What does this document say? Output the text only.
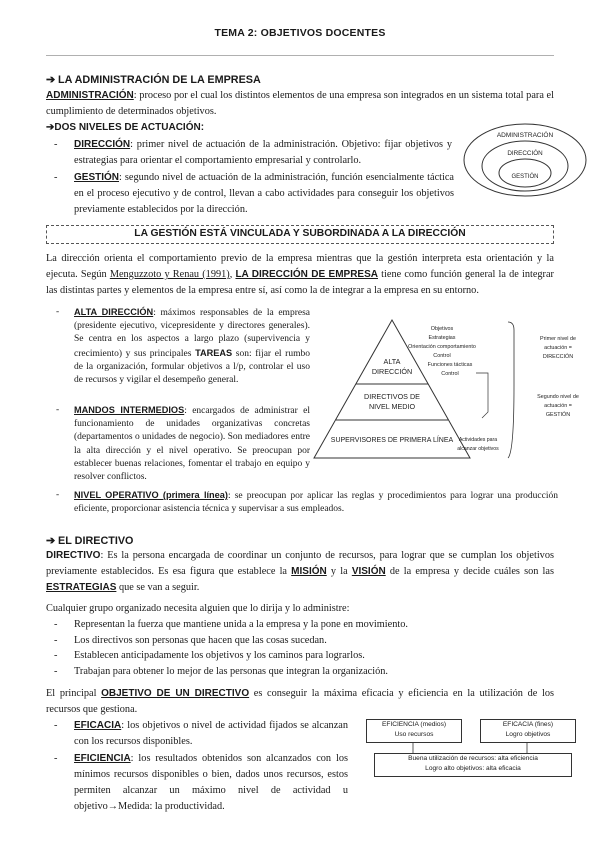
TEMA 2: OBJETIVOS DOCENTES
➔ LA ADMINISTRACIÓN DE LA EMPRESA
ADMINISTRACIÓN: proceso por el cual los distintos elementos de una empresa son integrados en un sistema total para el cumplimiento de determinados objetivos.
➔DOS NIVELES DE ACTUACIÓN:
- DIRECCIÓN: primer nivel de actuación de la administración. Objetivo: fijar objetivos y estrategias para orientar el comportamiento empresarial y controlarlo.
- GESTIÓN: segundo nivel de actuación de la administración, función esencialmente táctica en el proceso ejecutivo y de control, llevan a cabo actividades para conseguir los objetivos previamente establecidos por la dirección.
ADMINISTRACIÓN
DIRECCIÓN
GESTIÓN
LA GESTIÓN ESTÁ VINCULADA Y SUBORDINADA A LA DIRECCIÓN
La dirección orienta el comportamiento previo de la empresa mientras que la gestión interpreta esta orientación y la ejecuta. Según Menguzzoto y Renau (1991), LA DIRECCIÓN DE EMPRESA tiene como función general la de integrar las distintas partes y elementos de la empresa entre sí, así como la de integrar a la empresa en su entorno.
- ALTA DIRECCIÓN: máximos responsables de la empresa (presidente ejecutivo, vicepresidente y directores generales). Se centra en los aspectos a largo plazo (supervivencia y crecimiento) y sus principales TAREAS son: fijar el rumbo de la organización, formular objetivos a l/p, controlar el uso de recursos y vigilar el desempeño general.
- MANDOS INTERMEDIOS: encargados de administrar el funcionamiento de unidades organizativas concretas (departamentos o unidades de negocio). Son mediadores entre la alta dirección y el nivel operativo. Se preocupan por establecer buenas relaciones, fomentar el trabajo en equipo y resolver conflictos.
- NIVEL OPERATIVO (primera línea): se preocupan por aplicar las reglas y procedimientos para lograr una producción eficiente, proporcionar asistencia técnica y supervisar a sus empleados.
ALTA
DIRECCIÓN
DIRECTIVOS DE
NIVEL MEDIO
SUPERVISORES DE PRIMERA LÍNEA
Objetivos
Estrategias
Orientación comportamiento
Control
Funciones tácticas
Control
Actividades para
alcanzar objetivos
Primer nivel de
actuación =
DIRECCIÓN
Segundo nivel de
actuación =
GESTIÓN
➔ EL DIRECTIVO
DIRECTIVO: Es la persona encargada de coordinar un conjunto de recursos, para lograr que se cumplan los objetivos previamente establecidos. Es esa figura que establece la MISIÓN y la VISIÓN de la empresa y decide cuáles son las ESTRATEGIAS que se van a seguir.
Cualquier grupo organizado necesita alguien que lo dirija y lo administre:
- Representan la fuerza que mantiene unida a la empresa y la pone en movimiento.
- Los directivos son personas que hacen que las cosas sucedan.
- Establecen anticipadamente los objetivos y los caminos para lograrlos.
- Trabajan para obtener lo mejor de las personas que integran la organización.
El principal OBJETIVO DE UN DIRECTIVO es conseguir la máxima eficacia y eficiencia en la utilización de los recursos que gestiona.
- EFICACIA: los objetivos o nivel de actividad fijados se alcanzan con los recursos disponibles.
- EFICIENCIA: los resultados obtenidos son alcanzados con los mínimos recursos disponibles o bien, dados unos recursos, estos permiten alcanzar un máximo nivel de actividad u objetivo→Medida: la productividad.
EFICIENCIA (medios)
Uso recursos
EFICACIA (fines)
Logro objetivos
Buena utilización de recursos: alta eficiencia
Logro alto objetivos: alta eficacia
